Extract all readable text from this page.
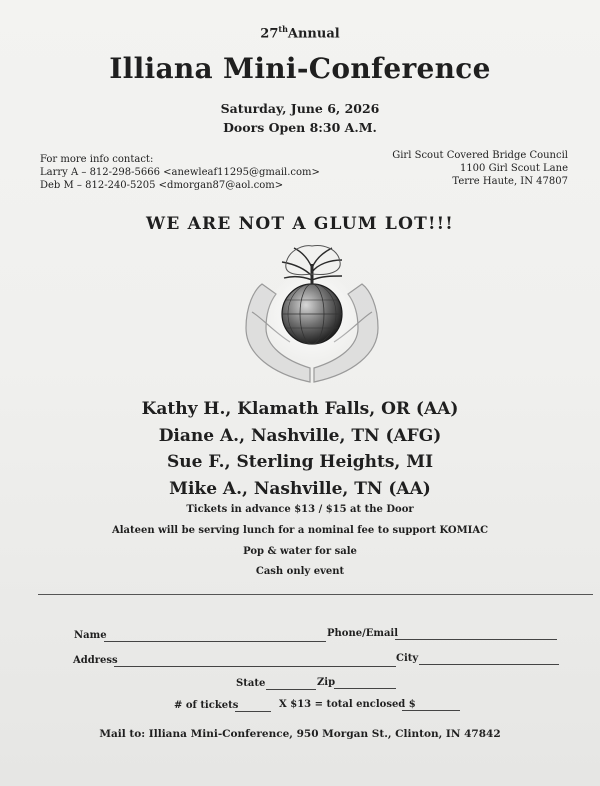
27thAnnual
Illiana Mini-Conference
Saturday, June 6, 2026
Doors Open 8:30 A.M.
For more info contact:
Larry A – 812-298-5666 <anewleaf11295@gmail.com>
Deb M – 812-240-5205 <dmorgan87@aol.com>
Girl Scout Covered Bridge Council
1100 Girl Scout Lane
Terre Haute, IN 47807
WE ARE NOT A GLUM LOT!!!
Kathy H., Klamath Falls, OR (AA)
Diane A., Nashville, TN (AFG)
Sue F., Sterling Heights, MI
Mike A., Nashville, TN (AA)
Tickets in advance $13 / $15 at the Door
Alateen will be serving lunch for a nominal fee to support KOMIAC
Pop & water for sale
Cash only event
Name	Phone/Email
Address	City
State	Zip
# of tickets	X $13 = total enclosed $
Mail to: Illiana Mini-Conference, 950 Morgan St., Clinton, IN 47842
